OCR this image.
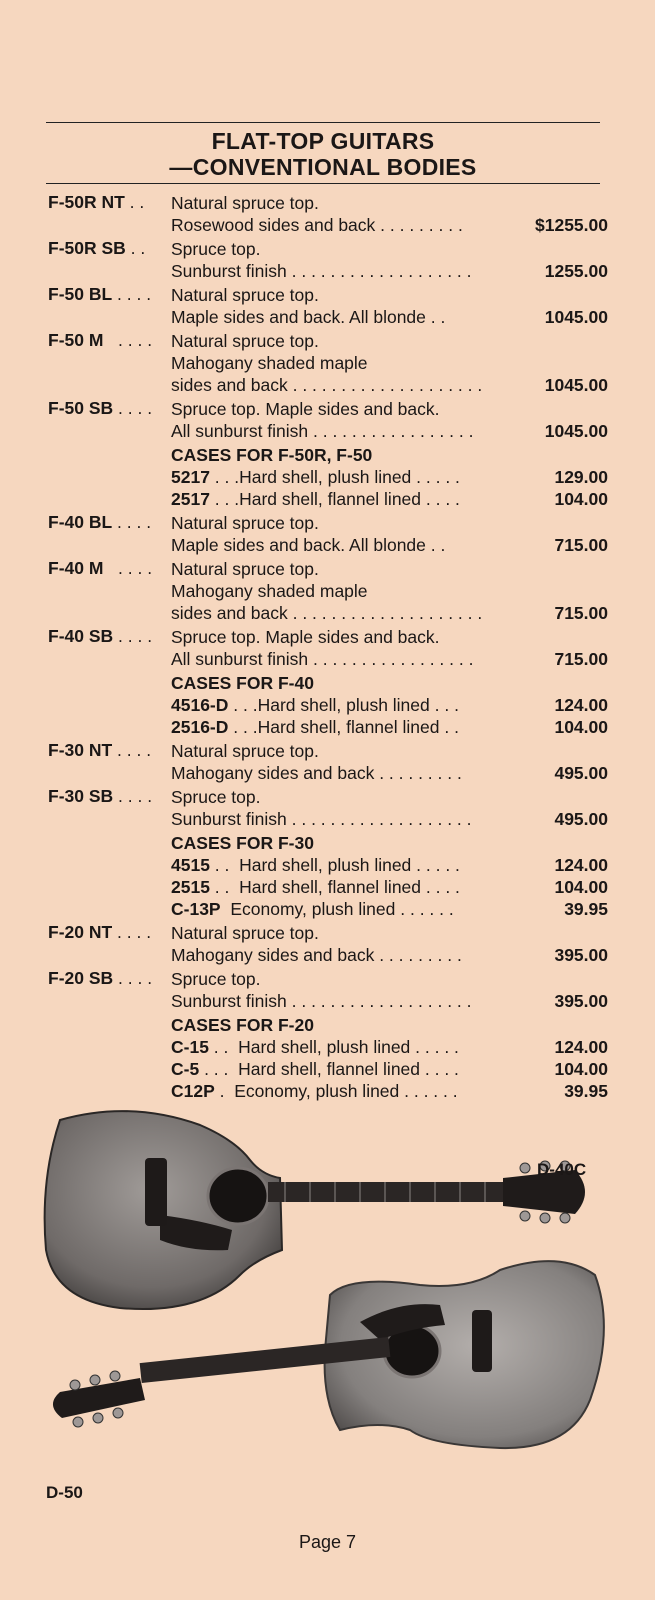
FLAT-TOP GUITARS
—CONVENTIONAL BODIES
F-50R NT . .	Natural spruce top.
Rosewood sides and back . . . . . . . . .	$1255.00
F-50R SB . .	Spruce top.
Sunburst finish . . . . . . . . . . . . . . . . . . .	1255.00
F-50 BL . . . .	Natural spruce top.
Maple sides and back. All blonde . .	1045.00
F-50 M   . . . .	Natural spruce top.
Mahogany shaded maple
sides and back . . . . . . . . . . . . . . . . . . . .	1045.00
F-50 SB . . . .	Spruce top. Maple sides and back.
All sunburst finish . . . . . . . . . . . . . . . . .	1045.00
CASES FOR F-50R, F-50
5217 . . .Hard shell, plush lined . . . . .	129.00
2517 . . .Hard shell, flannel lined . . . .	104.00
F-40 BL . . . .	Natural spruce top.
Maple sides and back. All blonde . .	715.00
F-40 M   . . . .	Natural spruce top.
Mahogany shaded maple
sides and back . . . . . . . . . . . . . . . . . . . .	715.00
F-40 SB . . . .	Spruce top. Maple sides and back.
All sunburst finish . . . . . . . . . . . . . . . . .	715.00
CASES FOR F-40
4516-D . . .Hard shell, plush lined . . .	124.00
2516-D . . .Hard shell, flannel lined . .	104.00
F-30 NT . . . .	Natural spruce top.
Mahogany sides and back . . . . . . . . .	495.00
F-30 SB . . . .	Spruce top.
Sunburst finish . . . . . . . . . . . . . . . . . . .	495.00
CASES FOR F-30
4515 . .  Hard shell, plush lined . . . . .	124.00
2515 . .  Hard shell, flannel lined . . . .	104.00
C-13P  Economy, plush lined . . . . . .	39.95
F-20 NT . . . .	Natural spruce top.
Mahogany sides and back . . . . . . . . .	395.00
F-20 SB . . . .	Spruce top.
Sunburst finish . . . . . . . . . . . . . . . . . . .	395.00
CASES FOR F-20
C-15 . .  Hard shell, plush lined . . . . .	124.00
C-5 . . .  Hard shell, flannel lined . . . .	104.00
C12P .  Economy, plush lined . . . . . .	39.95
D-40C
D-50
Page 7
